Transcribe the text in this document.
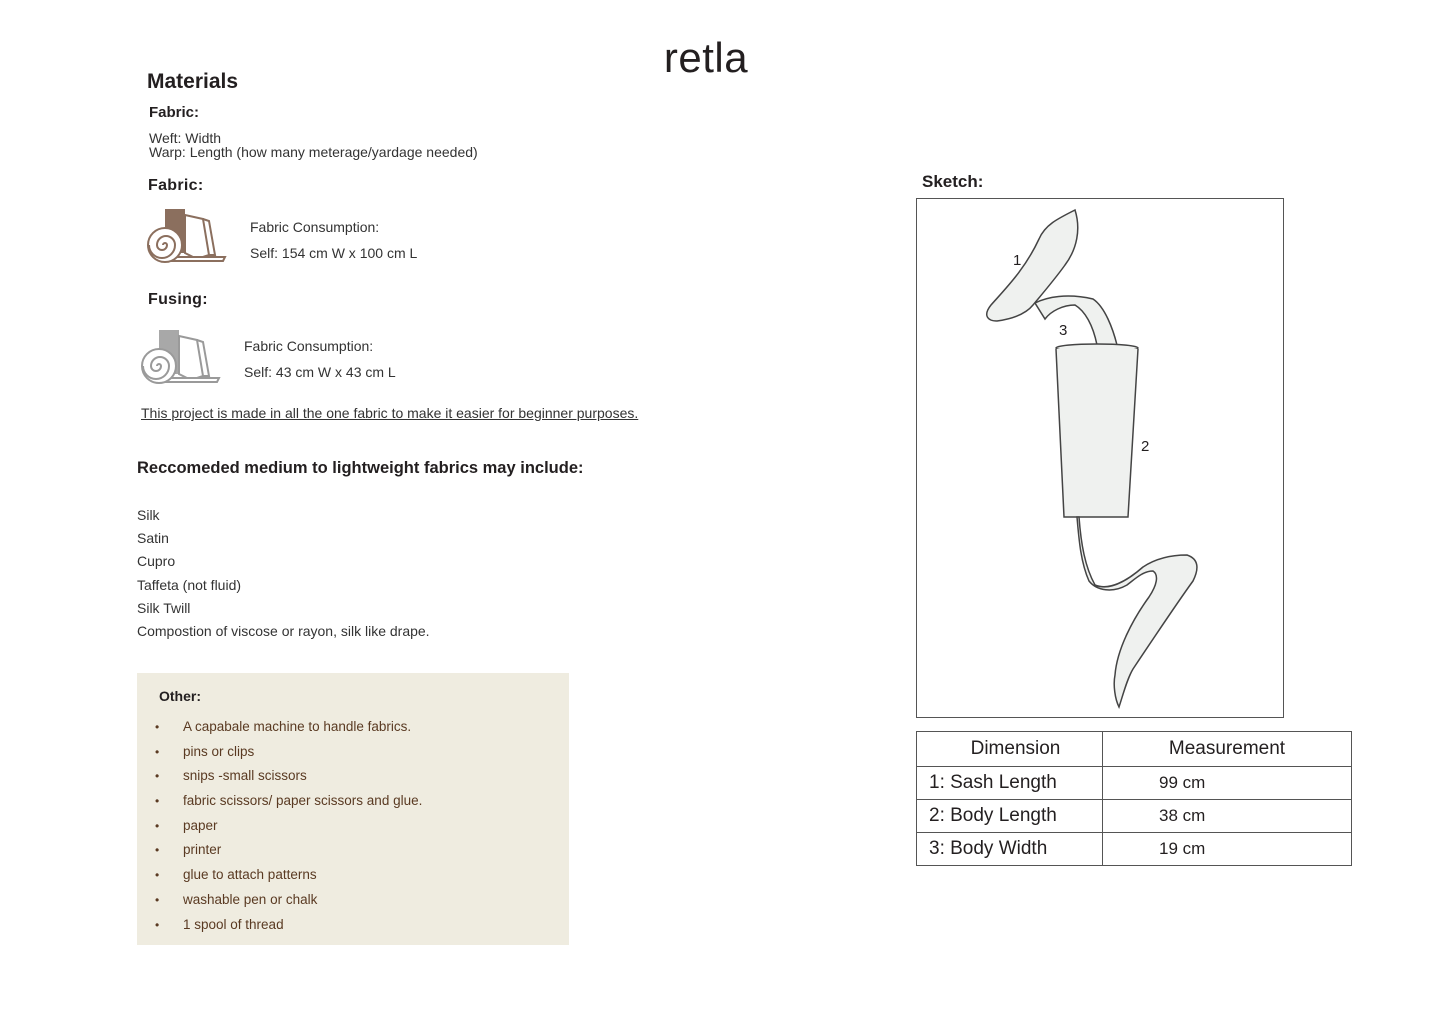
retla
Materials
Fabric:
Weft: Width
Warp: Length (how many meterage/yardage needed)
Fabric:
Fabric Consumption:
Self: 154 cm W x 100 cm L
Fusing:
Fabric Consumption:
Self: 43 cm W x 43 cm L
This project is made in all the one fabric to make it easier for beginner purposes.
Reccomeded medium to lightweight fabrics may include:
Silk
Satin
Cupro
Taffeta (not fluid)
Silk Twill
Compostion of viscose or rayon, silk like drape.
Other:
•	A capabale machine to handle fabrics.
•	pins or clips
•	snips -small scissors
•	fabric scissors/ paper scissors and glue.
•	paper
•	printer
•	glue to attach patterns
•	washable pen or chalk
•	1 spool of thread
Sketch:
1
3
2
Dimension	Measurement
1: Sash Length	99 cm
2: Body Length	38 cm
3: Body Width	19 cm
